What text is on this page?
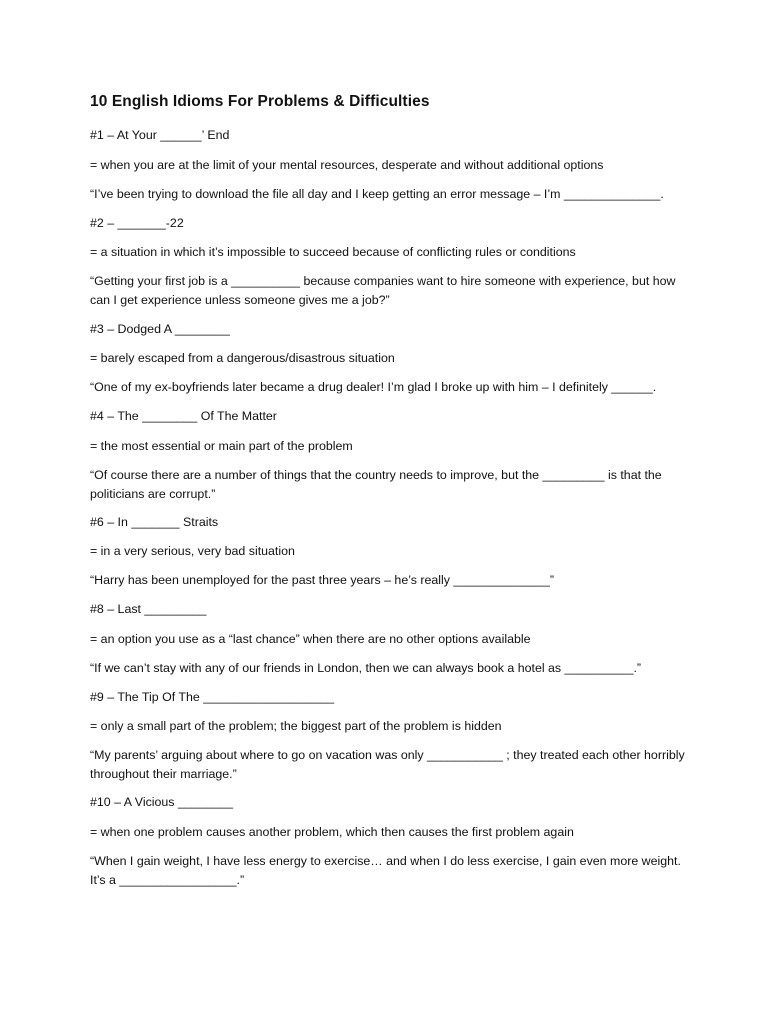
10 English Idioms For Problems & Difficulties
#1 – At Your ______’ End
= when you are at the limit of your mental resources, desperate and without additional options
“I’ve been trying to download the file all day and I keep getting an error message – I’m ______________.
#2 – _______-22
= a situation in which it’s impossible to succeed because of conflicting rules or conditions
“Getting your first job is a __________ because companies want to hire someone with experience, but how can I get experience unless someone gives me a job?”
#3 – Dodged A ________
= barely escaped from a dangerous/disastrous situation
“One of my ex-boyfriends later became a drug dealer! I’m glad I broke up with him – I definitely ______.
#4 – The ________ Of The Matter
= the most essential or main part of the problem
“Of course there are a number of things that the country needs to improve, but the _________ is that the politicians are corrupt.”
#6 – In _______ Straits
= in a very serious, very bad situation
“Harry has been unemployed for the past three years – he’s really ______________”
#8 – Last _________
= an option you use as a “last chance” when there are no other options available
“If we can’t stay with any of our friends in London, then we can always book a hotel as __________.”
#9 – The Tip Of The ___________________
= only a small part of the problem; the biggest part of the problem is hidden
“My parents’ arguing about where to go on vacation was only ___________ ; they treated each other horribly throughout their marriage.”
#10 – A Vicious ________
= when one problem causes another problem, which then causes the first problem again
“When I gain weight, I have less energy to exercise… and when I do less exercise, I gain even more weight. It’s a _________________.”
